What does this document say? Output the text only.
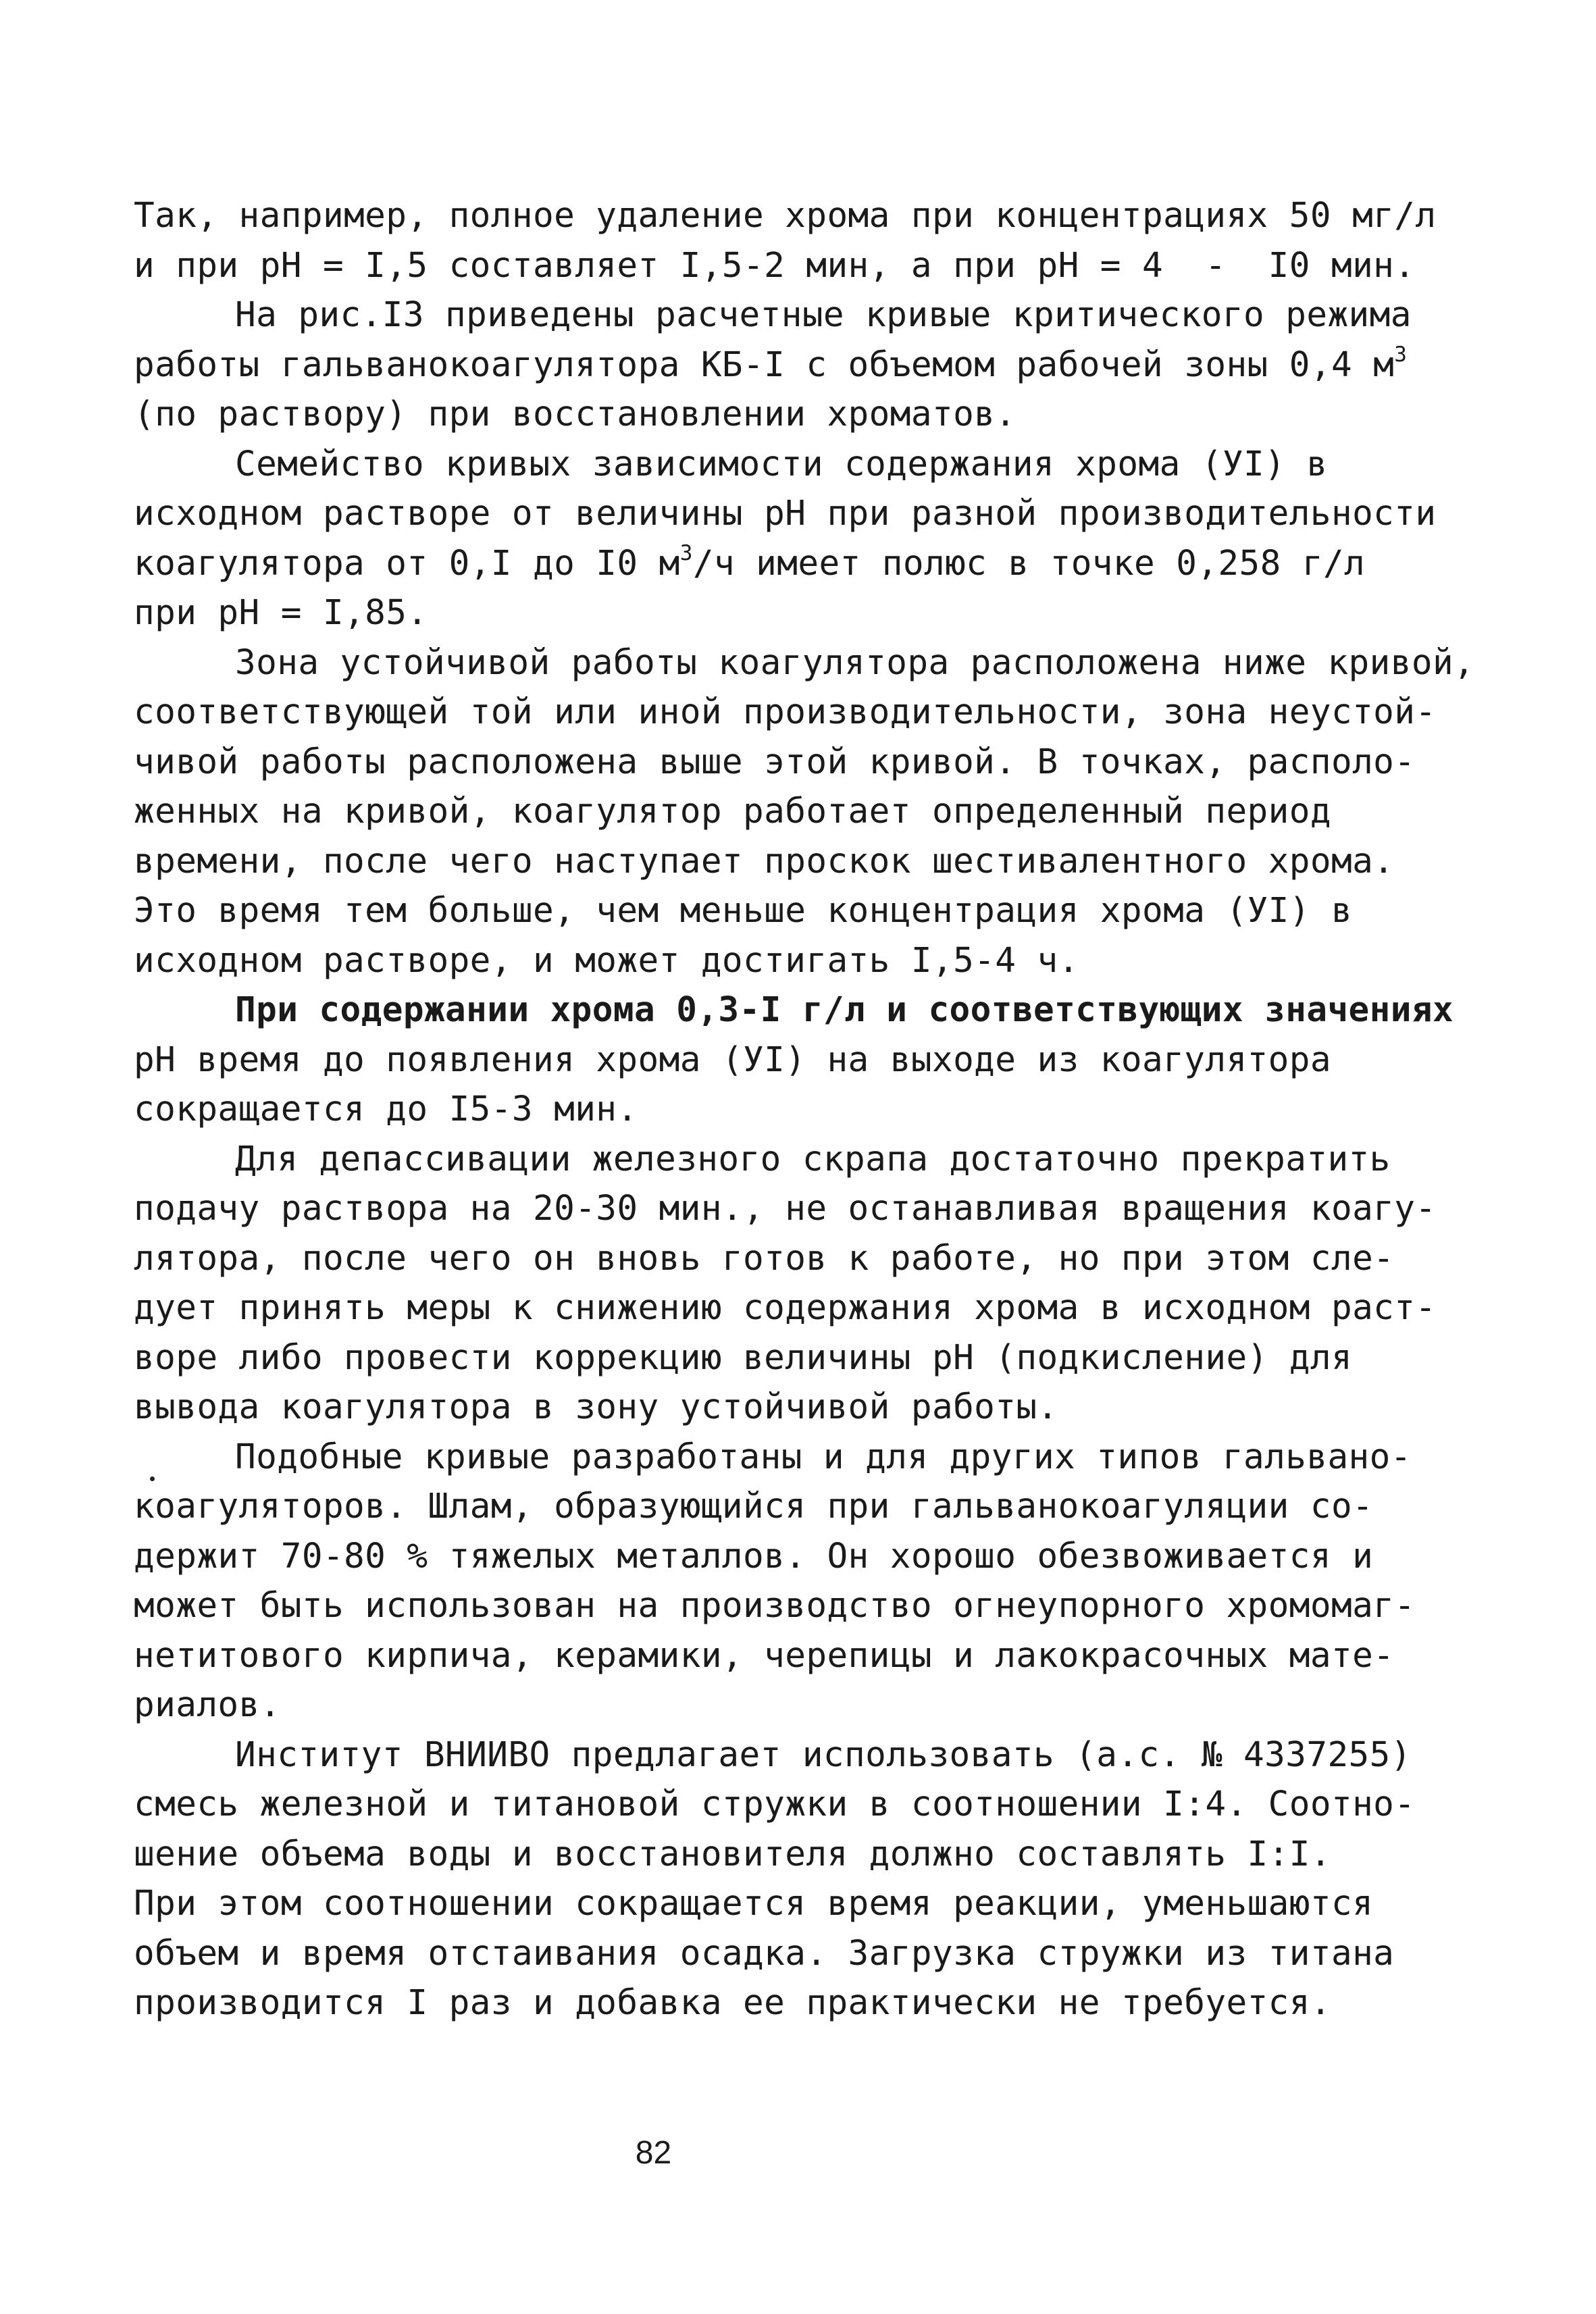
Так, например, полное удаление хрома при концентрациях 50 мг/л
и при pH = I,5 составляет I,5-2 мин, а при pH = 4  -  I0 мин.
На рис.I3 приведены расчетные кривые критического режима
работы гальванокоагулятора КБ-I с объемом рабочей зоны 0,4 $м^3$
(по раствору) при восстановлении хроматов.
Семейство кривых зависимости содержания хрома (УI) в
исходном растворе от величины pH при разной производительности
коагулятора от 0,I до I0 $м^3/ч$ имеет полюс в точке 0,258 г/л
при pH = I,85.
Зона устойчивой работы коагулятора расположена ниже кривой,
соответствующей той или иной производительности, зона неустой-
чивой работы расположена выше этой кривой. В точках, располо-
женных на кривой, коагулятор работает определенный период
времени, после чего наступает проскок шестивалентного хрома.
Это время тем больше, чем меньше концентрация хрома (УI) в
исходном растворе, и может достигать I,5-4 ч.
При содержании хрома 0,3-I г/л и соответствующих значениях
pH время до появления хрома (УI) на выходе из коагулятора
сокращается до I5-3 мин.
Для депассивации железного скрапа достаточно прекратить
подачу раствора на 20-30 мин., не останавливая вращения коагу-
лятора, после чего он вновь готов к работе, но при этом сле-
дует принять меры к снижению содержания хрома в исходном раст-
воре либо провести коррекцию величины pH (подкисление) для
вывода коагулятора в зону устойчивой работы.
Подобные кривые разработаны и для других типов гальвано-
коагуляторов. Шлам, образующийся при гальванокоагуляции со-
держит 70-80 % тяжелых металлов. Он хорошо обезвоживается и
может быть использован на производство огнеупорного хромомаг-
нетитового кирпича, керамики, черепицы и лакокрасочных мате-
риалов.
Институт ВНИИВО предлагает использовать (а.с. № 4337255)
смесь железной и титановой стружки в соотношении I:4. Соотно-
шение объема воды и восстановителя должно составлять I:I.
При этом соотношении сокращается время реакции, уменьшаются
объем и время отстаивания осадка. Загрузка стружки из титана
производится I раз и добавка ее практически не требуется.
82
